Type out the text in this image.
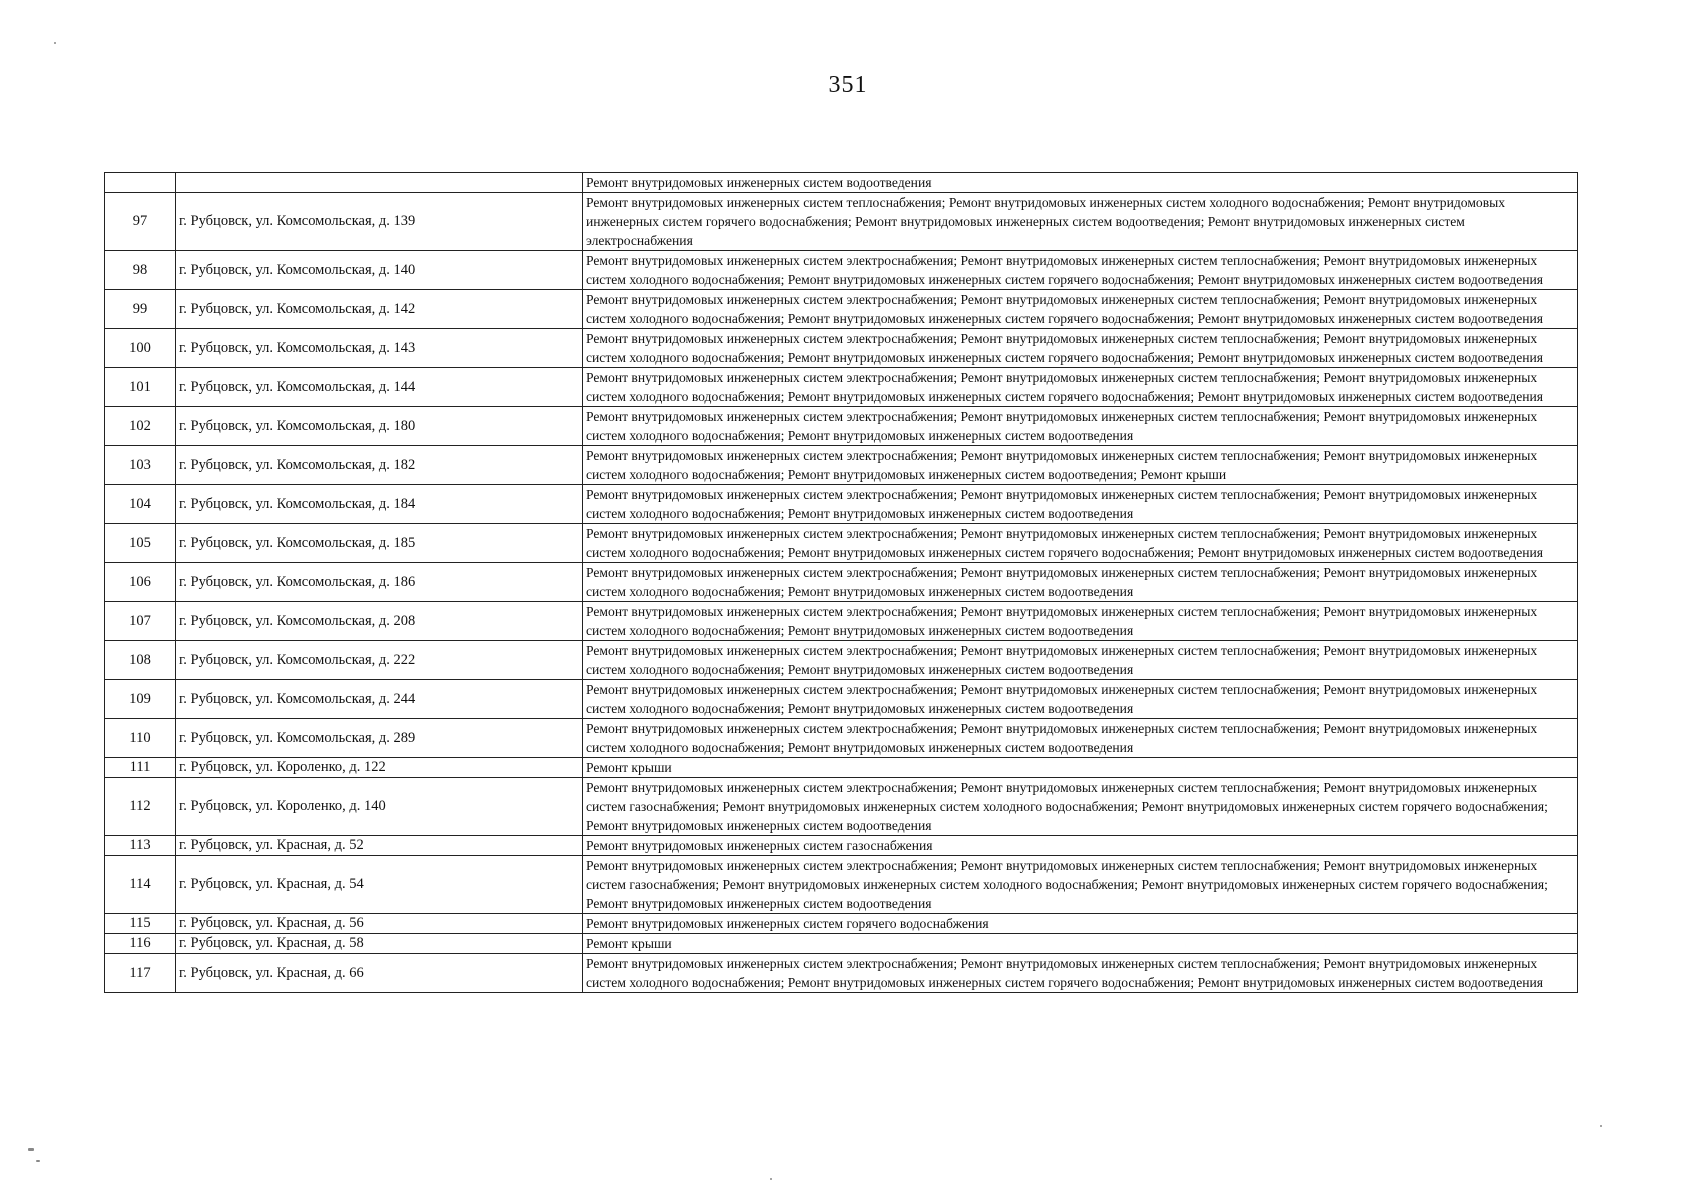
351
		Ремонт внутридомовых инженерных систем водоотведения
97	г. Рубцовск, ул. Комсомольская, д. 139	Ремонт внутридомовых инженерных систем теплоснабжения; Ремонт внутридомовых инженерных систем холодного водоснабжения; Ремонт внутридомовых инженерных систем горячего водоснабжения; Ремонт внутридомовых инженерных систем водоотведения; Ремонт внутридомовых инженерных систем электроснабжения
98	г. Рубцовск, ул. Комсомольская, д. 140	Ремонт внутридомовых инженерных систем электроснабжения; Ремонт внутридомовых инженерных систем теплоснабжения; Ремонт внутридомовых инженерных систем холодного водоснабжения; Ремонт внутридомовых инженерных систем горячего водоснабжения; Ремонт внутридомовых инженерных систем водоотведения
99	г. Рубцовск, ул. Комсомольская, д. 142	Ремонт внутридомовых инженерных систем электроснабжения; Ремонт внутридомовых инженерных систем теплоснабжения; Ремонт внутридомовых инженерных систем холодного водоснабжения; Ремонт внутридомовых инженерных систем горячего водоснабжения; Ремонт внутридомовых инженерных систем водоотведения
100	г. Рубцовск, ул. Комсомольская, д. 143	Ремонт внутридомовых инженерных систем электроснабжения; Ремонт внутридомовых инженерных систем теплоснабжения; Ремонт внутридомовых инженерных систем холодного водоснабжения; Ремонт внутридомовых инженерных систем горячего водоснабжения; Ремонт внутридомовых инженерных систем водоотведения
101	г. Рубцовск, ул. Комсомольская, д. 144	Ремонт внутридомовых инженерных систем электроснабжения; Ремонт внутридомовых инженерных систем теплоснабжения; Ремонт внутридомовых инженерных систем холодного водоснабжения; Ремонт внутридомовых инженерных систем горячего водоснабжения; Ремонт внутридомовых инженерных систем водоотведения
102	г. Рубцовск, ул. Комсомольская, д. 180	Ремонт внутридомовых инженерных систем электроснабжения; Ремонт внутридомовых инженерных систем теплоснабжения; Ремонт внутридомовых инженерных систем холодного водоснабжения; Ремонт внутридомовых инженерных систем водоотведения
103	г. Рубцовск, ул. Комсомольская, д. 182	Ремонт внутридомовых инженерных систем электроснабжения; Ремонт внутридомовых инженерных систем теплоснабжения; Ремонт внутридомовых инженерных систем холодного водоснабжения; Ремонт внутридомовых инженерных систем водоотведения; Ремонт крыши
104	г. Рубцовск, ул. Комсомольская, д. 184	Ремонт внутридомовых инженерных систем электроснабжения; Ремонт внутридомовых инженерных систем теплоснабжения; Ремонт внутридомовых инженерных систем холодного водоснабжения; Ремонт внутридомовых инженерных систем водоотведения
105	г. Рубцовск, ул. Комсомольская, д. 185	Ремонт внутридомовых инженерных систем электроснабжения; Ремонт внутридомовых инженерных систем теплоснабжения; Ремонт внутридомовых инженерных систем холодного водоснабжения; Ремонт внутридомовых инженерных систем горячего водоснабжения; Ремонт внутридомовых инженерных систем водоотведения
106	г. Рубцовск, ул. Комсомольская, д. 186	Ремонт внутридомовых инженерных систем электроснабжения; Ремонт внутридомовых инженерных систем теплоснабжения; Ремонт внутридомовых инженерных систем холодного водоснабжения; Ремонт внутридомовых инженерных систем водоотведения
107	г. Рубцовск, ул. Комсомольская, д. 208	Ремонт внутридомовых инженерных систем электроснабжения; Ремонт внутридомовых инженерных систем теплоснабжения; Ремонт внутридомовых инженерных систем холодного водоснабжения; Ремонт внутридомовых инженерных систем водоотведения
108	г. Рубцовск, ул. Комсомольская, д. 222	Ремонт внутридомовых инженерных систем электроснабжения; Ремонт внутридомовых инженерных систем теплоснабжения; Ремонт внутридомовых инженерных систем холодного водоснабжения; Ремонт внутридомовых инженерных систем водоотведения
109	г. Рубцовск, ул. Комсомольская, д. 244	Ремонт внутридомовых инженерных систем электроснабжения; Ремонт внутридомовых инженерных систем теплоснабжения; Ремонт внутридомовых инженерных систем холодного водоснабжения; Ремонт внутридомовых инженерных систем водоотведения
110	г. Рубцовск, ул. Комсомольская, д. 289	Ремонт внутридомовых инженерных систем электроснабжения; Ремонт внутридомовых инженерных систем теплоснабжения; Ремонт внутридомовых инженерных систем холодного водоснабжения; Ремонт внутридомовых инженерных систем водоотведения
111	г. Рубцовск, ул. Короленко, д. 122	Ремонт крыши
112	г. Рубцовск, ул. Короленко, д. 140	Ремонт внутридомовых инженерных систем электроснабжения; Ремонт внутридомовых инженерных систем теплоснабжения; Ремонт внутридомовых инженерных систем газоснабжения; Ремонт внутридомовых инженерных систем холодного водоснабжения; Ремонт внутридомовых инженерных систем горячего водоснабжения; Ремонт внутридомовых инженерных систем водоотведения
113	г. Рубцовск, ул. Красная, д. 52	Ремонт внутридомовых инженерных систем газоснабжения
114	г. Рубцовск, ул. Красная, д. 54	Ремонт внутридомовых инженерных систем электроснабжения; Ремонт внутридомовых инженерных систем теплоснабжения; Ремонт внутридомовых инженерных систем газоснабжения; Ремонт внутридомовых инженерных систем холодного водоснабжения; Ремонт внутридомовых инженерных систем горячего водоснабжения; Ремонт внутридомовых инженерных систем водоотведения
115	г. Рубцовск, ул. Красная, д. 56	Ремонт внутридомовых инженерных систем горячего водоснабжения
116	г. Рубцовск, ул. Красная, д. 58	Ремонт крыши
117	г. Рубцовск, ул. Красная, д. 66	Ремонт внутридомовых инженерных систем электроснабжения; Ремонт внутридомовых инженерных систем теплоснабжения; Ремонт внутридомовых инженерных систем холодного водоснабжения; Ремонт внутридомовых инженерных систем горячего водоснабжения; Ремонт внутридомовых инженерных систем водоотведения
